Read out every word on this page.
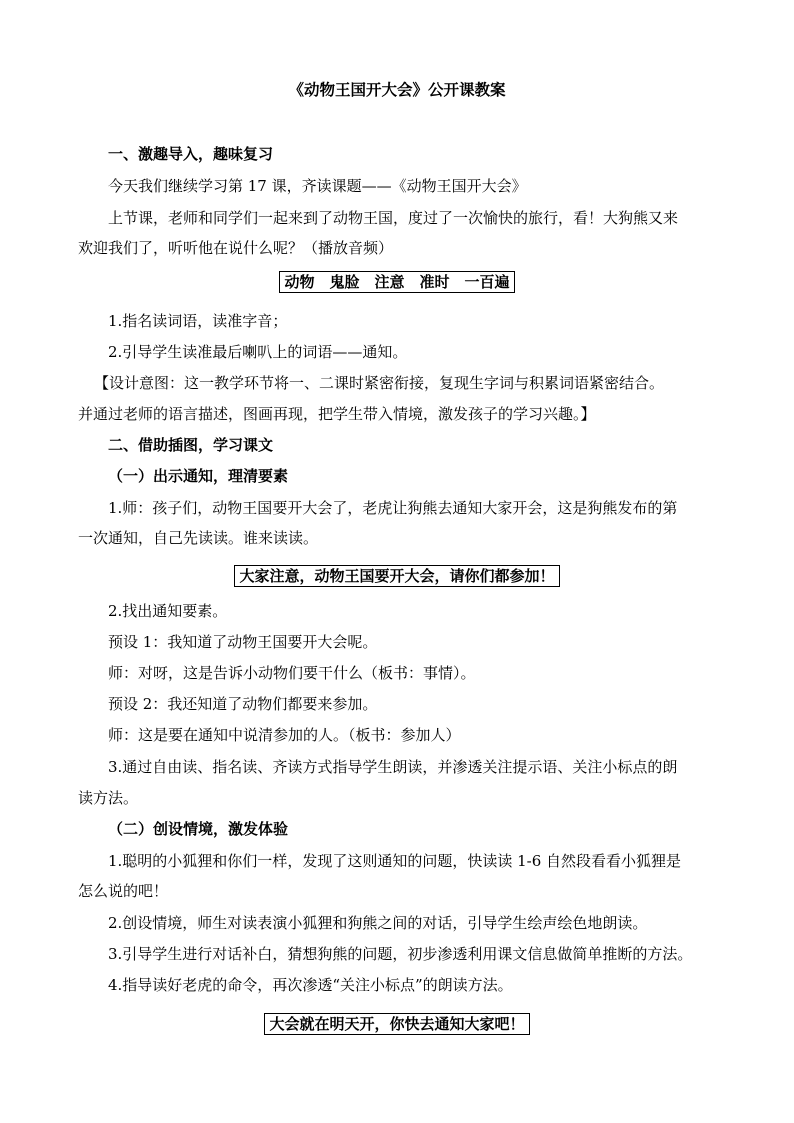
《动物王国开大会》公开课教案
一、激趣导入，趣味复习
今天我们继续学习第 17 课，齐读课题——《动物王国开大会》
上节课，老师和同学们一起来到了动物王国，度过了一次愉快的旅行，看！大狗熊又来
欢迎我们了，听听他在说什么呢？（播放音频）
动物　鬼脸　注意　准时　一百遍
1.指名读词语，读准字音；
2.引导学生读准最后喇叭上的词语——通知。
【设计意图：这一教学环节将一、二课时紧密衔接，复现生字词与积累词语紧密结合。
并通过老师的语言描述，图画再现，把学生带入情境，激发孩子的学习兴趣。】
二、借助插图，学习课文
（一）出示通知，理清要素
1.师：孩子们，动物王国要开大会了，老虎让狗熊去通知大家开会，这是狗熊发布的第
一次通知，自己先读读。谁来读读。
大家注意，动物王国要开大会，请你们都参加！
2.找出通知要素。
预设 1：我知道了动物王国要开大会呢。
师：对呀，这是告诉小动物们要干什么（板书：事情）。
预设 2：我还知道了动物们都要来参加。
师：这是要在通知中说清参加的人。（板书：参加人）
3.通过自由读、指名读、齐读方式指导学生朗读，并渗透关注提示语、关注小标点的朗
读方法。
（二）创设情境，激发体验
1.聪明的小狐狸和你们一样，发现了这则通知的问题，快读读 1-6 自然段看看小狐狸是
怎么说的吧！
2.创设情境，师生对读表演小狐狸和狗熊之间的对话，引导学生绘声绘色地朗读。
3.引导学生进行对话补白，猜想狗熊的问题，初步渗透利用课文信息做简单推断的方法。
4.指导读好老虎的命令，再次渗透“关注小标点”的朗读方法。
大会就在明天开，你快去通知大家吧！
